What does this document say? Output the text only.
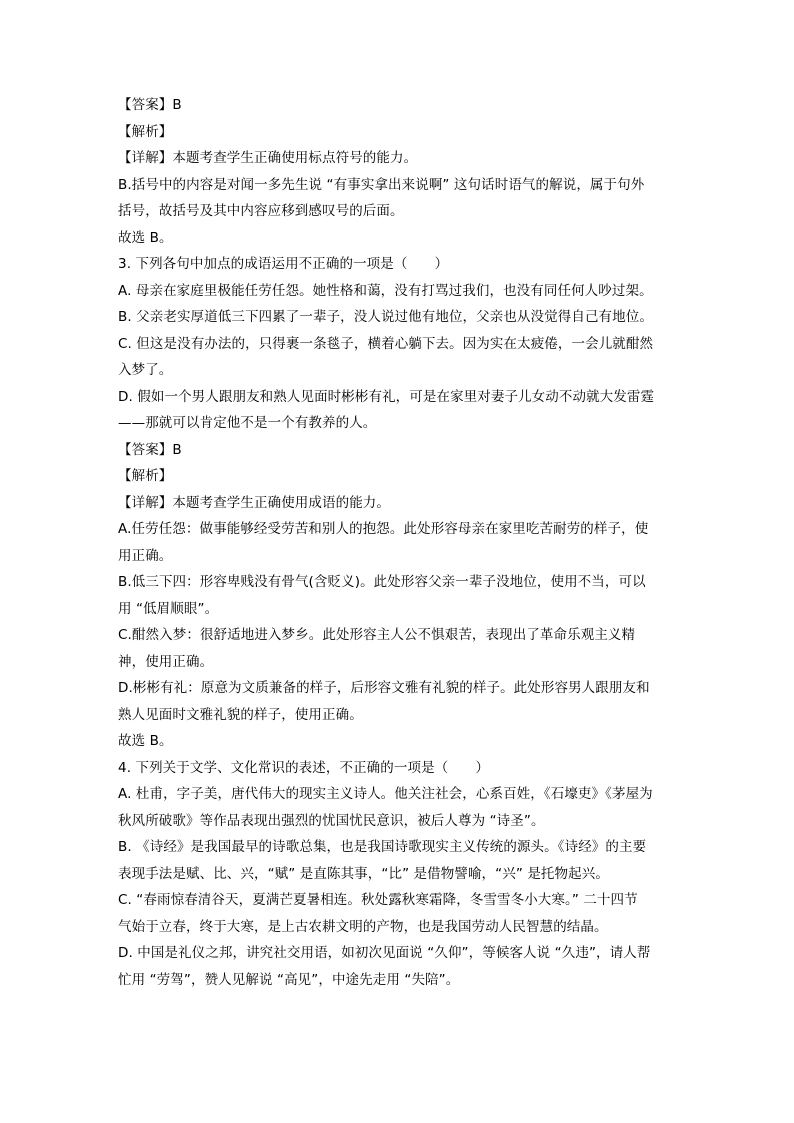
【答案】B
【解析】
【详解】本题考查学生正确使用标点符号的能力。
B.括号中的内容是对闻一多先生说 “有事实拿出来说啊” 这句话时语气的解说，属于句外
括号，故括号及其中内容应移到感叹号的后面。
故选 B。
3. 下列各句中加点的成语运用不正确的一项是（　　）
A. 母亲在家庭里极能任劳任怨。她性格和蔼，没有打骂过我们，也没有同任何人吵过架。
B. 父亲老实厚道低三下四累了一辈子，没人说过他有地位，父亲也从没觉得自己有地位。
C. 但这是没有办法的，只得裹一条毯子，横着心躺下去。因为实在太疲倦，一会儿就酣然
入梦了。
D. 假如一个男人跟朋友和熟人见面时彬彬有礼，可是在家里对妻子儿女动不动就大发雷霆
——那就可以肯定他不是一个有教养的人。
【答案】B
【解析】
【详解】本题考查学生正确使用成语的能力。
A.任劳任怨：做事能够经受劳苦和别人的抱怨。此处形容母亲在家里吃苦耐劳的样子，使
用正确。
B.低三下四：形容卑贱没有骨气(含贬义)。此处形容父亲一辈子没地位，使用不当，可以
用 “低眉顺眼”。
C.酣然入梦：很舒适地进入梦乡。此处形容主人公不惧艰苦，表现出了革命乐观主义精
神，使用正确。
D.彬彬有礼：原意为文质兼备的样子，后形容文雅有礼貌的样子。此处形容男人跟朋友和
熟人见面时文雅礼貌的样子，使用正确。
故选 B。
4. 下列关于文学、文化常识的表述，不正确的一项是（　　）
A. 杜甫，字子美，唐代伟大的现实主义诗人。他关注社会，心系百姓，《石壕吏》《茅屋为
秋风所破歌》等作品表现出强烈的忧国忧民意识，被后人尊为 “诗圣”。
B. 《诗经》是我国最早的诗歌总集，也是我国诗歌现实主义传统的源头。《诗经》的主要
表现手法是赋、比、兴，“赋” 是直陈其事，“比” 是借物譬喻，“兴” 是托物起兴。
C. “春雨惊春清谷天，夏满芒夏暑相连。秋处露秋寒霜降，冬雪雪冬小大寒。” 二十四节
气始于立春，终于大寒，是上古农耕文明的产物，也是我国劳动人民智慧的结晶。
D. 中国是礼仪之邦，讲究社交用语，如初次见面说 “久仰”，等候客人说 “久违”，请人帮
忙用 “劳驾”，赞人见解说 “高见”，中途先走用 “失陪”。
